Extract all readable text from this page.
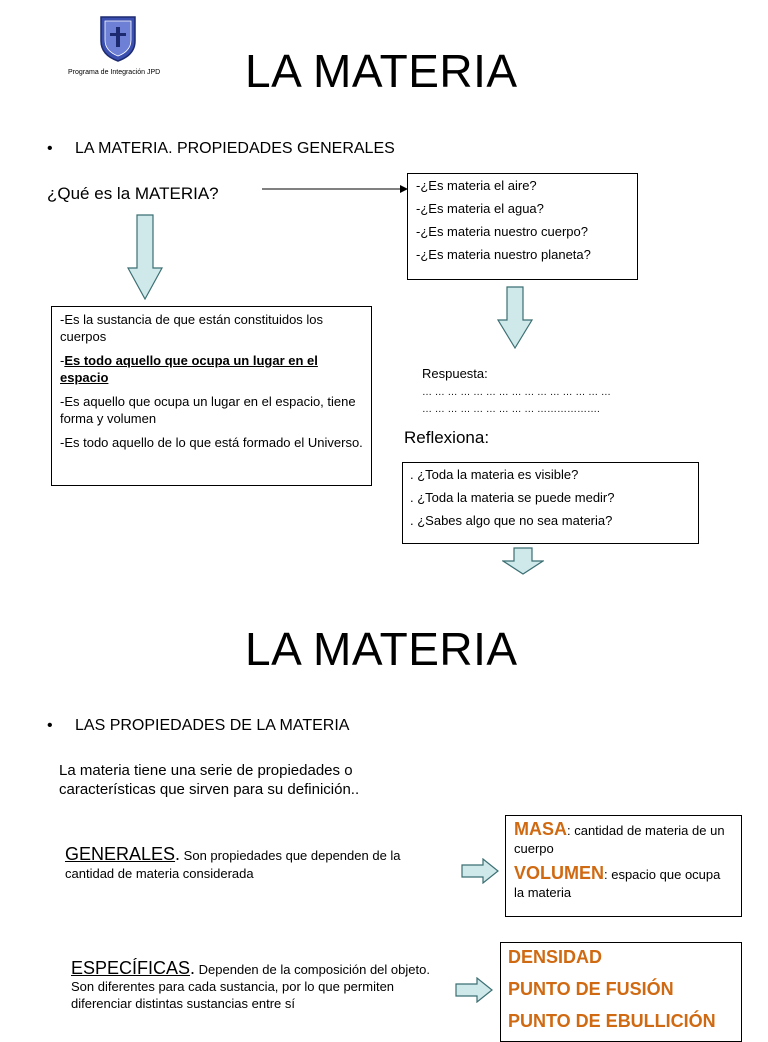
Programa de Integración JPD LA MATERIA
• LA MATERIA. PROPIEDADES GENERALES
¿Qué es la MATERIA?	-¿Es materia el aire?

-¿Es materia el agua?

-¿Es materia nuestro cuerpo?

-¿Es materia nuestro planeta?

-Es la sustancia de que están constituidos los cuerpos

-Es todo aquello que ocupa un lugar en el espacio

-Es aquello que ocupa un lugar en el espacio, tiene forma y volumen

-Es todo aquello de lo que está formado el Universo.

Respuesta:
… … … … … … … … … … … … … … …
… … … … … … … … … ……………….
Reflexiona:

. ¿Toda la materia es visible?

. ¿Toda la materia se puede medir?

. ¿Sabes algo que no sea materia?

LA MATERIA
• LAS PROPIEDADES DE LA MATERIA
La materia tiene una serie de propiedades o características que sirven para su definición..
GENERALES. Son propiedades que dependen de la cantidad de materia considerada

MASA: cantidad de materia de un cuerpo

VOLUMEN: espacio que ocupa la materia

ESPECÍFICAS. Dependen de la composición del objeto. Son diferentes para cada sustancia, por lo que permiten diferenciar distintas sustancias entre sí

DENSIDAD

PUNTO DE FUSIÓN

PUNTO DE EBULLICIÓN
